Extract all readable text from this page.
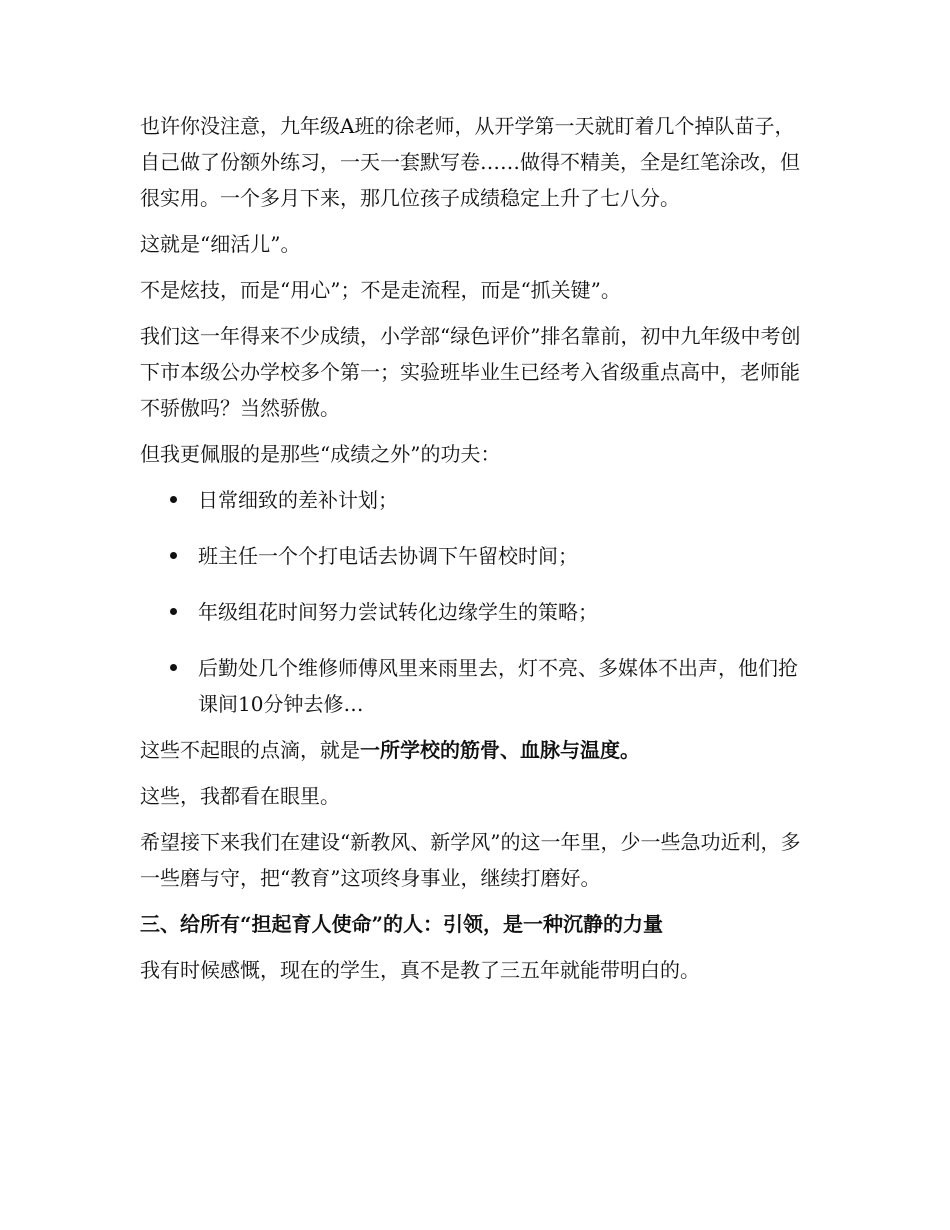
也许你没注意，九年级A班的徐老师，从开学第一天就盯着几个掉队苗子，自己做了份额外练习，一天一套默写卷……做得不精美，全是红笔涂改，但很实用。一个多月下来，那几位孩子成绩稳定上升了七八分。

这就是“细活儿”。

不是炫技，而是“用心”；不是走流程，而是“抓关键”。

我们这一年得来不少成绩，小学部“绿色评价”排名靠前，初中九年级中考创下市本级公办学校多个第一；实验班毕业生已经考入省级重点高中，老师能不骄傲吗？当然骄傲。

但我更佩服的是那些“成绩之外”的功夫：

日常细致的差补计划；
班主任一个个打电话去协调下午留校时间；
年级组花时间努力尝试转化边缘学生的策略；
后勤处几个维修师傅风里来雨里去，灯不亮、多媒体不出声，他们抢课间10分钟去修…

这些不起眼的点滴，就是一所学校的筋骨、血脉与温度。

这些，我都看在眼里。

希望接下来我们在建设“新教风、新学风”的这一年里，少一些急功近利，多一些磨与守，把“教育”这项终身事业，继续打磨好。

三、给所有“担起育人使命”的人：引领，是一种沉静的力量

我有时候感慨，现在的学生，真不是教了三五年就能带明白的。
